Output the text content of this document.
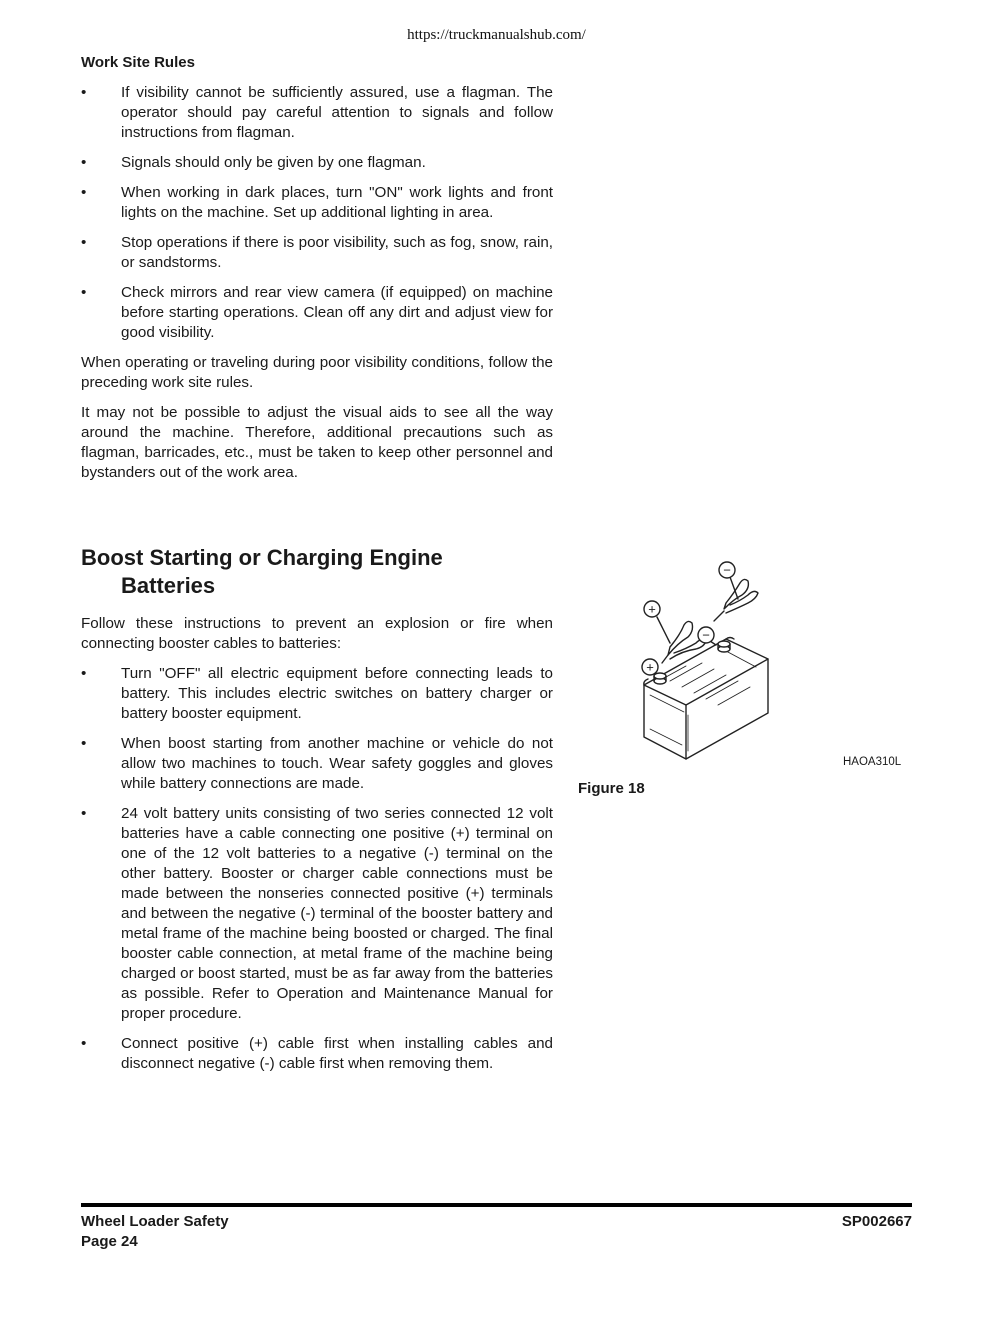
https://truckmanualshub.com/
Work Site Rules
• If visibility cannot be sufficiently assured, use a flagman. The operator should pay careful attention to signals and follow instructions from flagman.
• Signals should only be given by one flagman.
• When working in dark places, turn "ON" work lights and front lights on the machine. Set up additional lighting in area.
• Stop operations if there is poor visibility, such as fog, snow, rain, or sandstorms.
• Check mirrors and rear view camera (if equipped) on machine before starting operations. Clean off any dirt and adjust view for good visibility.

When operating or traveling during poor visibility conditions, follow the preceding work site rules.

It may not be possible to adjust the visual aids to see all the way around the machine. Therefore, additional precautions such as flagman, barricades, etc., must be taken to keep other personnel and bystanders out of the work area.

Boost Starting or Charging Engine
Batteries

Follow these instructions to prevent an explosion or fire when connecting booster cables to batteries:

• Turn "OFF" all electric equipment before connecting leads to battery. This includes electric switches on battery charger or battery booster equipment.
• When boost starting from another machine or vehicle do not allow two machines to touch. Wear safety goggles and gloves while battery connections are made.
• 24 volt battery units consisting of two series connected 12 volt batteries have a cable connecting one positive (+) terminal on one of the 12 volt batteries to a negative (-) terminal on the other battery. Booster or charger cable connections must be made between the nonseries connected positive (+) terminals and between the negative (-) terminal of the booster battery and metal frame of the machine being boosted or charged. The final booster cable connection, at metal frame of the machine being charged or boost started, must be as far away from the batteries as possible. Refer to Operation and Maintenance Manual for proper procedure.
• Connect positive (+) cable first when installing cables and disconnect negative (-) cable first when removing them.
+
−
−
+
HAOA310L
Figure 18
Wheel Loader Safety
Page 24
SP002667
